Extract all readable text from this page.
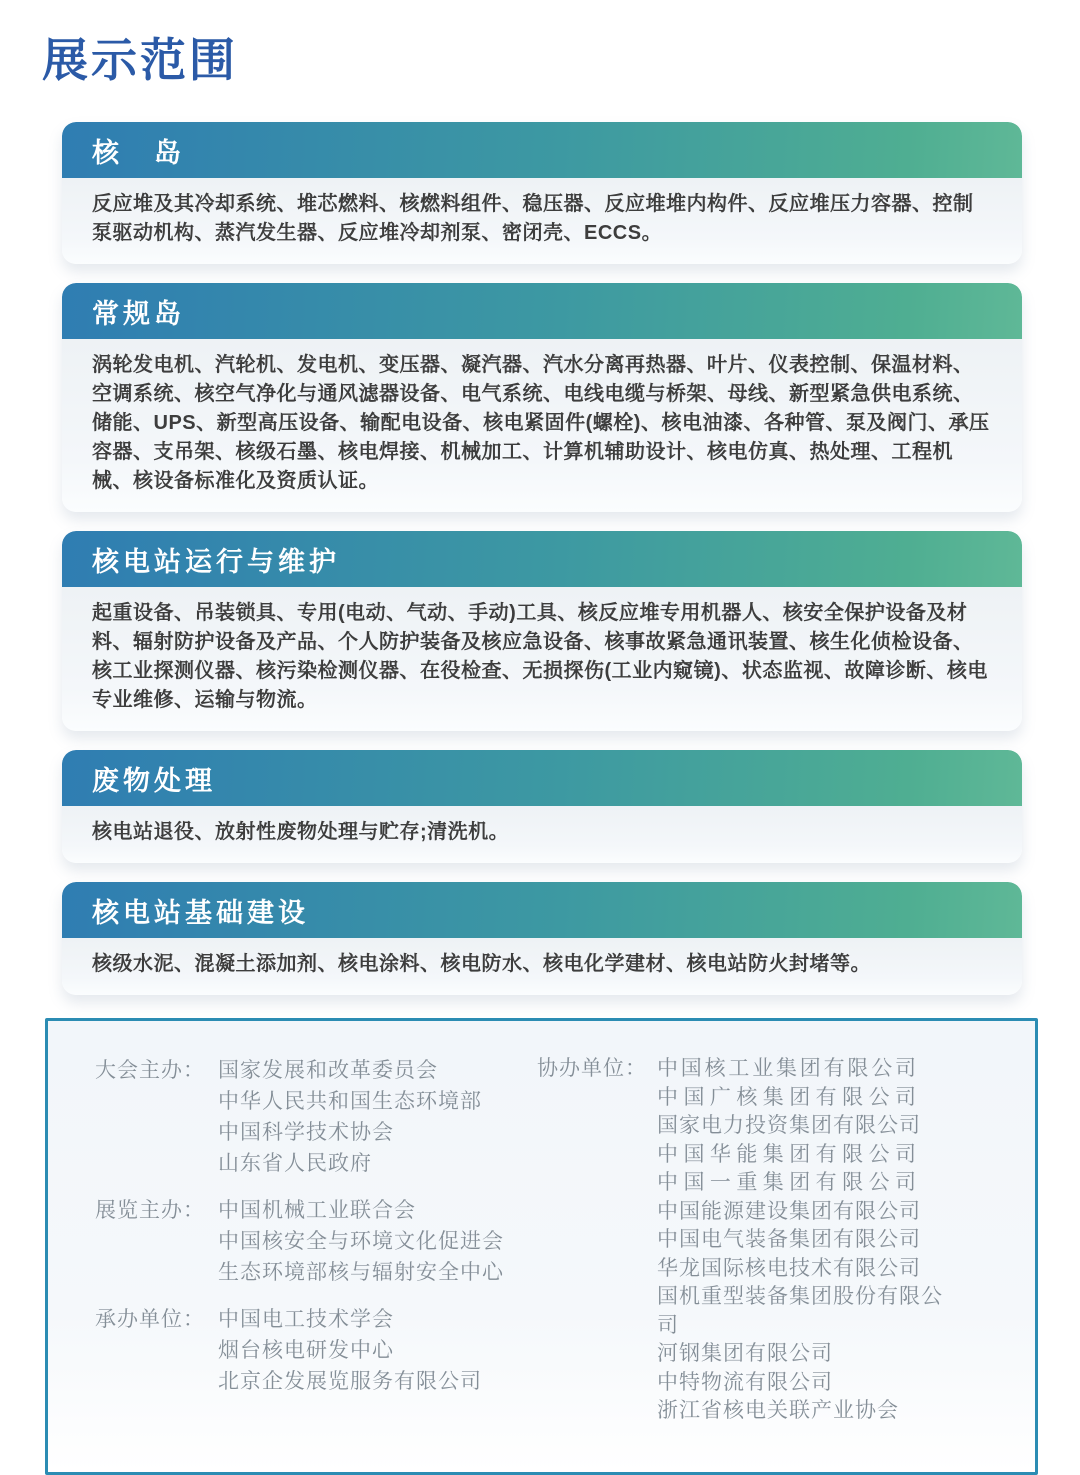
展示范围
核　岛

反应堆及其冷却系统、堆芯燃料、核燃料组件、稳压器、反应堆堆内构件、反应堆压力容器、控制泵驱动机构、蒸汽发生器、反应堆冷却剂泵、密闭壳、ECCS。

常规岛

涡轮发电机、汽轮机、发电机、变压器、凝汽器、汽水分离再热器、叶片、仪表控制、保温材料、空调系统、核空气净化与通风滤器设备、电气系统、电线电缆与桥架、母线、新型紧急供电系统、储能、UPS、新型高压设备、输配电设备、核电紧固件(螺栓)、核电油漆、各种管、泵及阀门、承压容器、支吊架、核级石墨、核电焊接、机械加工、计算机辅助设计、核电仿真、热处理、工程机械、核设备标准化及资质认证。

核电站运行与维护

起重设备、吊装锁具、专用(电动、气动、手动)工具、核反应堆专用机器人、核安全保护设备及材料、辐射防护设备及产品、个人防护装备及核应急设备、核事故紧急通讯装置、核生化侦检设备、核工业探测仪器、核污染检测仪器、在役检查、无损探伤(工业内窥镜)、状态监视、故障诊断、核电专业维修、运输与物流。

废物处理

核电站退役、放射性废物处理与贮存;清洗机。

核电站基础建设

核级水泥、混凝土添加剂、核电涂料、核电防水、核电化学建材、核电站防火封堵等。

大会主办： 国家发展和改革委员会
中华人民共和国生态环境部
中国科学技术协会
山东省人民政府
展览主办： 中国机械工业联合会
中国核安全与环境文化促进会
生态环境部核与辐射安全中心
承办单位： 中国电工技术学会
烟台核电研发中心
北京企发展览服务有限公司
协办单位： 中国核工业集团有限公司
中国广核集团有限公司
国家电力投资集团有限公司
中国华能集团有限公司
中国一重集团有限公司
中国能源建设集团有限公司
中国电气装备集团有限公司
华龙国际核电技术有限公司
国机重型装备集团股份有限公司
河钢集团有限公司
中特物流有限公司
浙江省核电关联产业协会
